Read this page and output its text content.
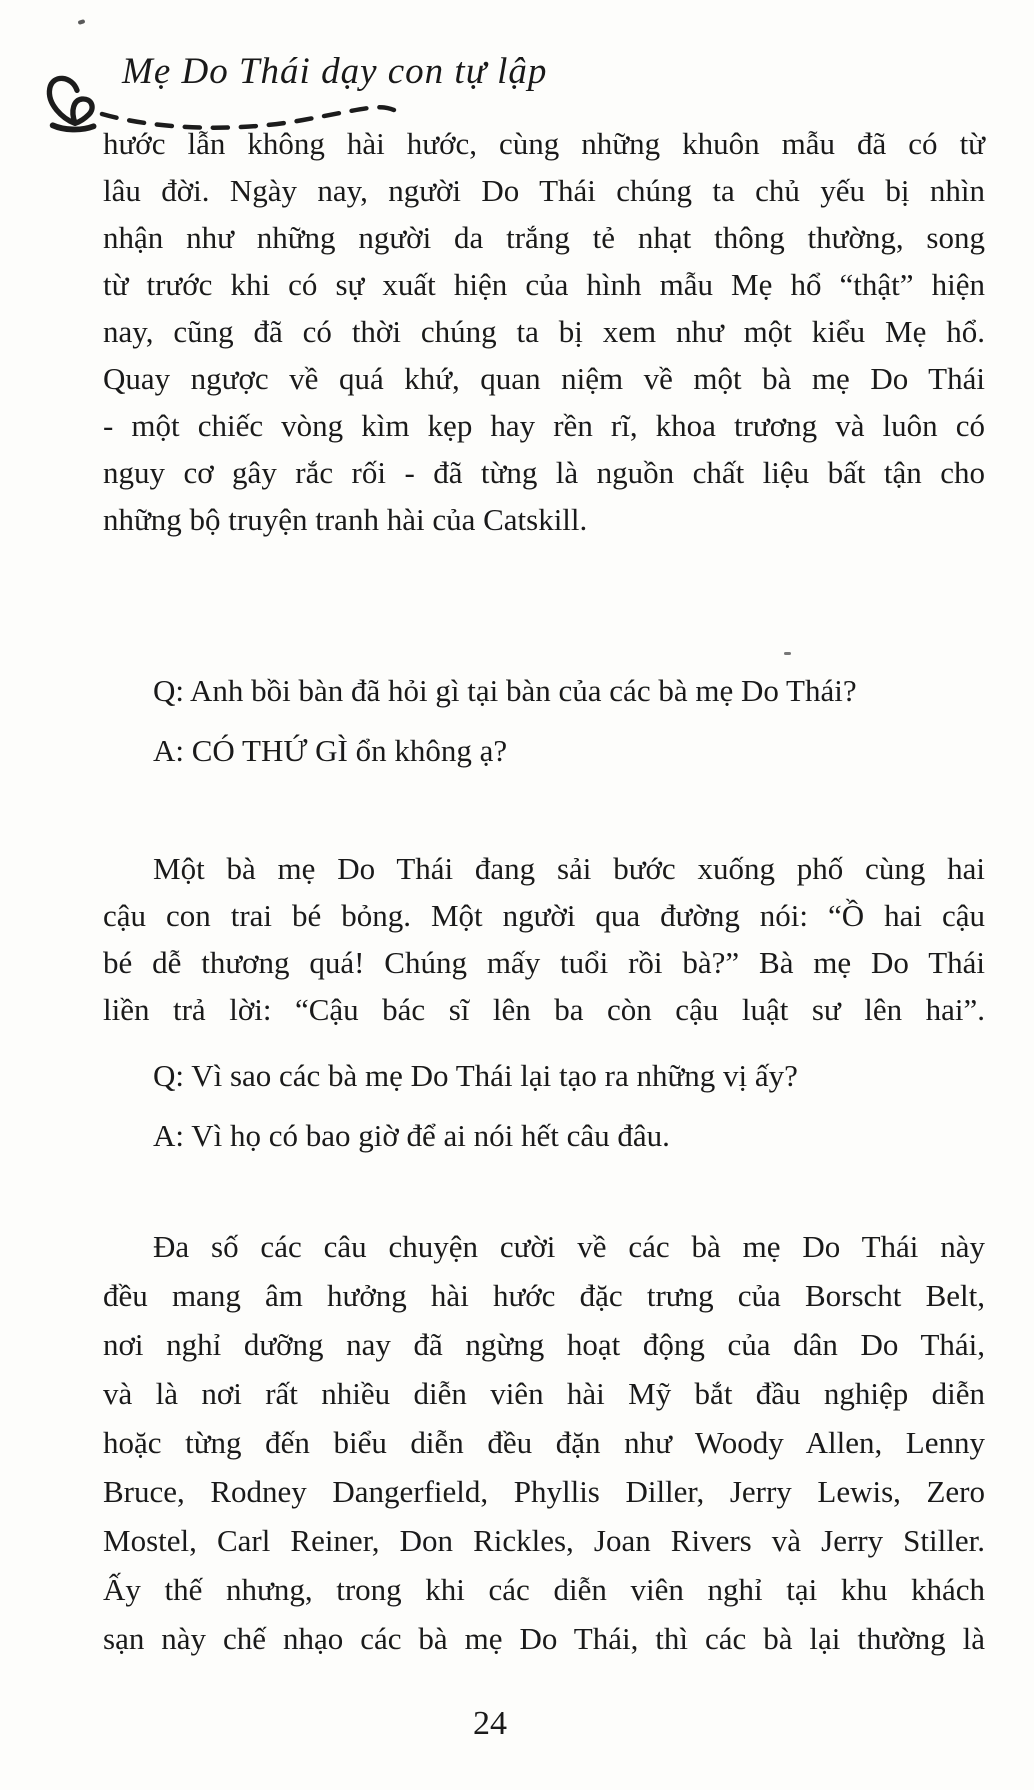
Mẹ Do Thái dạy con tự lập
hước lẫn không hài hước, cùng những khuôn mẫu đã có từ
lâu đời. Ngày nay, người Do Thái chúng ta chủ yếu bị nhìn
nhận như những người da trắng tẻ nhạt thông thường, song
từ trước khi có sự xuất hiện của hình mẫu Mẹ hổ “thật” hiện
nay, cũng đã có thời chúng ta bị xem như một kiểu Mẹ hổ.
Quay ngược về quá khứ, quan niệm về một bà mẹ Do Thái
- một chiếc vòng kìm kẹp hay rền rĩ, khoa trương và luôn có
nguy cơ gây rắc rối - đã từng là nguồn chất liệu bất tận cho
những bộ truyện tranh hài của Catskill.
Q: Anh bồi bàn đã hỏi gì tại bàn của các bà mẹ Do Thái?
A: CÓ THỨ GÌ ổn không ạ?
Một bà mẹ Do Thái đang sải bước xuống phố cùng hai
cậu con trai bé bỏng. Một người qua đường nói: “Ồ hai cậu
bé dễ thương quá! Chúng mấy tuổi rồi bà?” Bà mẹ Do Thái
liền trả lời: “Cậu bác sĩ lên ba còn cậu luật sư lên hai”.
Q: Vì sao các bà mẹ Do Thái lại tạo ra những vị ấy?
A: Vì họ có bao giờ để ai nói hết câu đâu.
Đa số các câu chuyện cười về các bà mẹ Do Thái này
đều mang âm hưởng hài hước đặc trưng của Borscht Belt,
nơi nghỉ dưỡng nay đã ngừng hoạt động của dân Do Thái,
và là nơi rất nhiều diễn viên hài Mỹ bắt đầu nghiệp diễn
hoặc từng đến biểu diễn đều đặn như Woody Allen, Lenny
Bruce, Rodney Dangerfield, Phyllis Diller, Jerry Lewis, Zero
Mostel, Carl Reiner, Don Rickles, Joan Rivers và Jerry Stiller.
Ấy thế nhưng, trong khi các diễn viên nghỉ tại khu khách
sạn này chế nhạo các bà mẹ Do Thái, thì các bà lại thường là
24
